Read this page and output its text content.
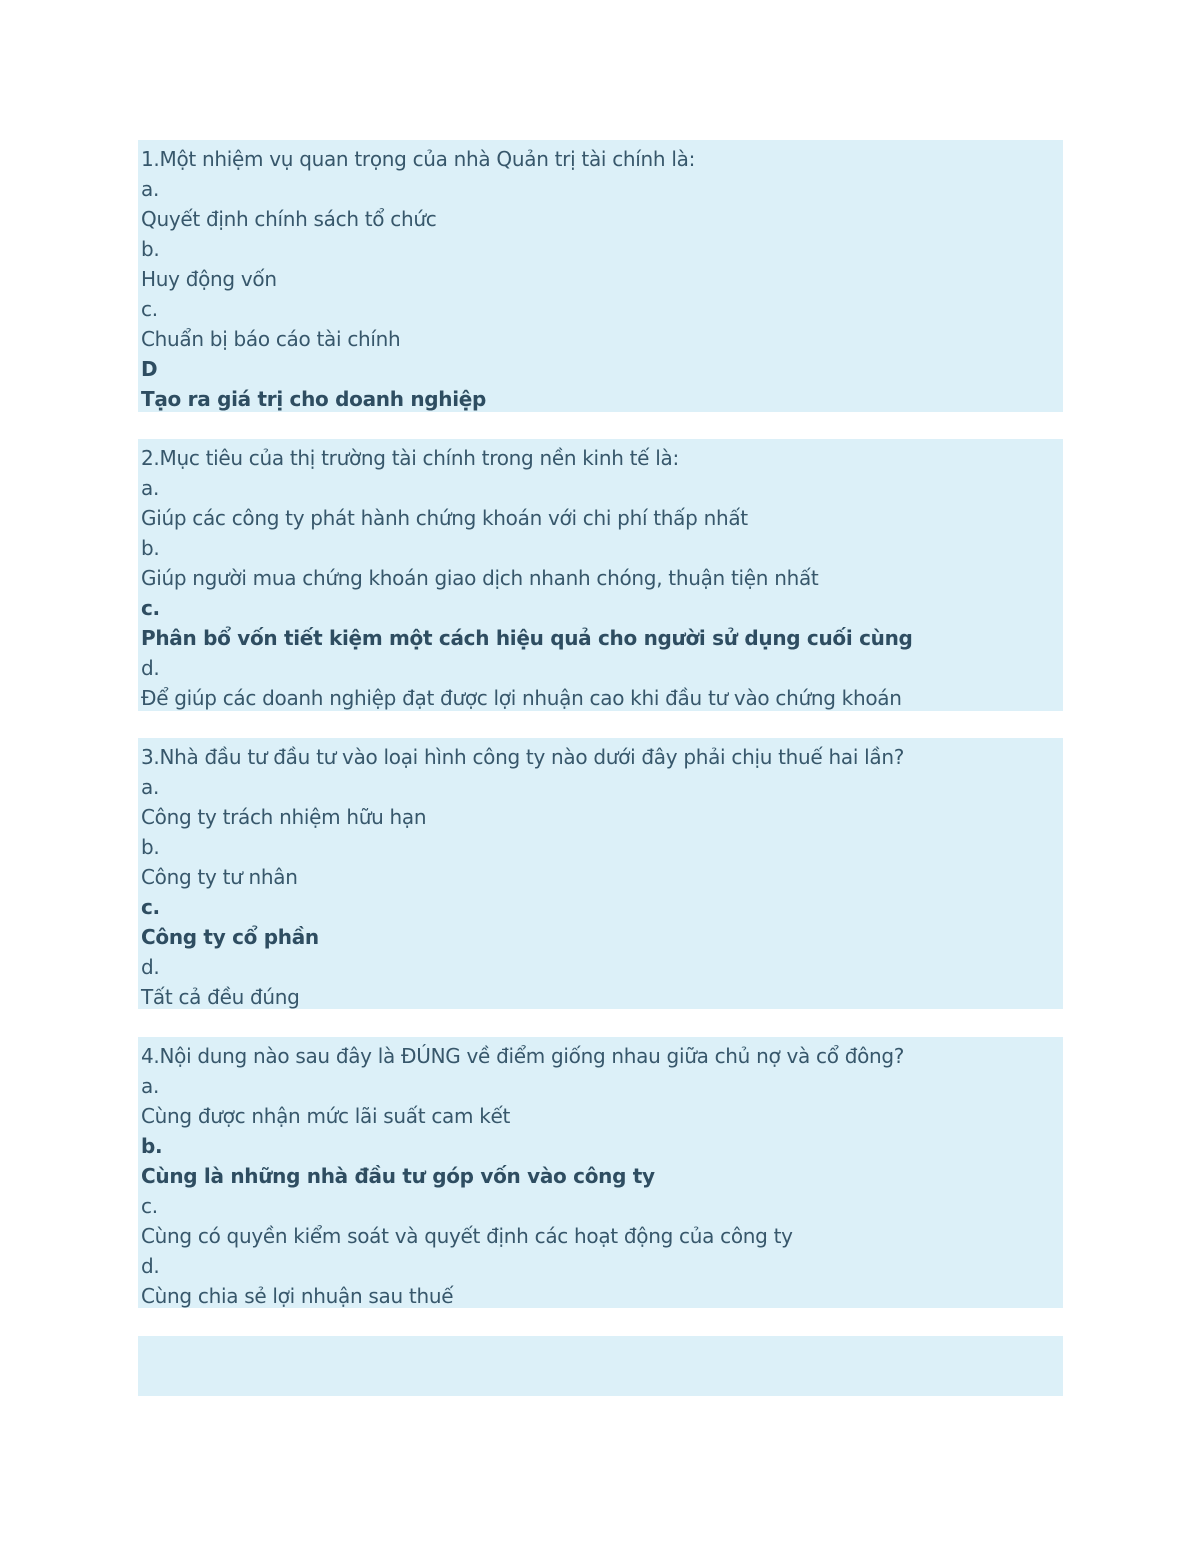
1.Một nhiệm vụ quan trọng của nhà Quản trị tài chính là:
a.
Quyết định chính sách tổ chức
b.
Huy động vốn
c.
Chuẩn bị báo cáo tài chính
D
Tạo ra giá trị cho doanh nghiệp
2.Mục tiêu của thị trường tài chính trong nền kinh tế là:
a.
Giúp các công ty phát hành chứng khoán với chi phí thấp nhất
b.
Giúp người mua chứng khoán giao dịch nhanh chóng, thuận tiện nhất
c.
Phân bổ vốn tiết kiệm một cách hiệu quả cho người sử dụng cuối cùng
d.
Để giúp các doanh nghiệp đạt được lợi nhuận cao khi đầu tư vào chứng khoán
3.Nhà đầu tư đầu tư vào loại hình công ty nào dưới đây phải chịu thuế hai lần?
a.
Công ty trách nhiệm hữu hạn
b.
Công ty tư nhân
c.
Công ty cổ phần
d.
Tất cả đều đúng
4.Nội dung nào sau đây là ĐÚNG về điểm giống nhau giữa chủ nợ và cổ đông?
a.
Cùng được nhận mức lãi suất cam kết
b.
Cùng là những nhà đầu tư góp vốn vào công ty
c.
Cùng có quyền kiểm soát và quyết định các hoạt động của công ty
d.
Cùng chia sẻ lợi nhuận sau thuế
